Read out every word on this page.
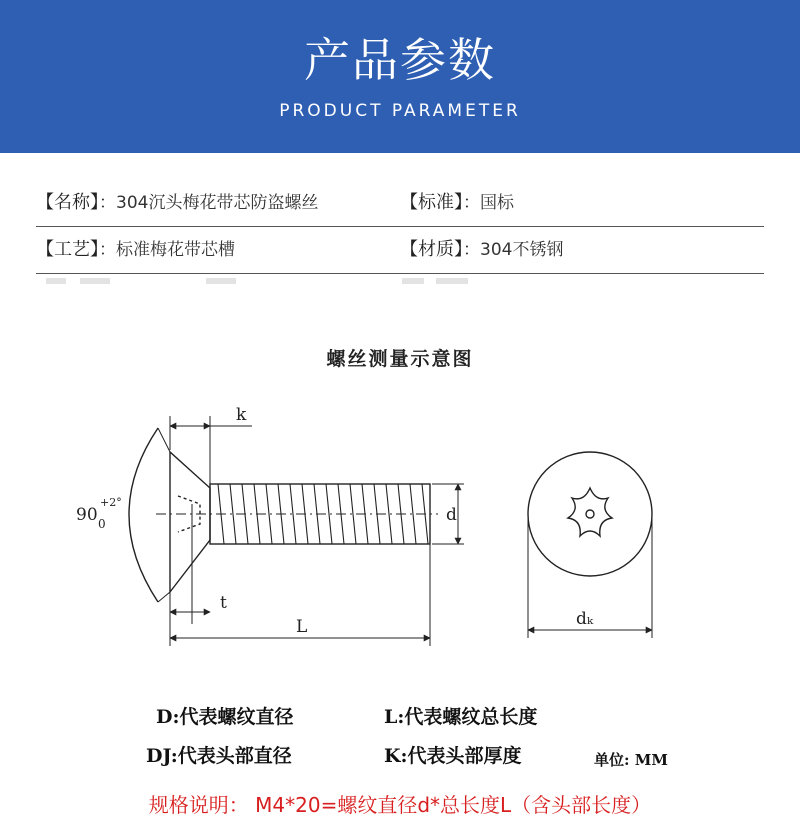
产品参数
PRODUCT PARAMETER
【名称】：304沉头梅花带芯防盗螺丝	【标准】：国标
【工艺】：标准梅花带芯槽	【材质】：304不锈钢
螺丝测量示意图
k
90 0
+2°
d
t
L	dₖ
D:代表螺纹直径	L:代表螺纹总长度
DJ:代表头部直径	K:代表头部厚度	单位: MM
规格说明： M4*20=螺纹直径d*总长度L（含头部长度）
